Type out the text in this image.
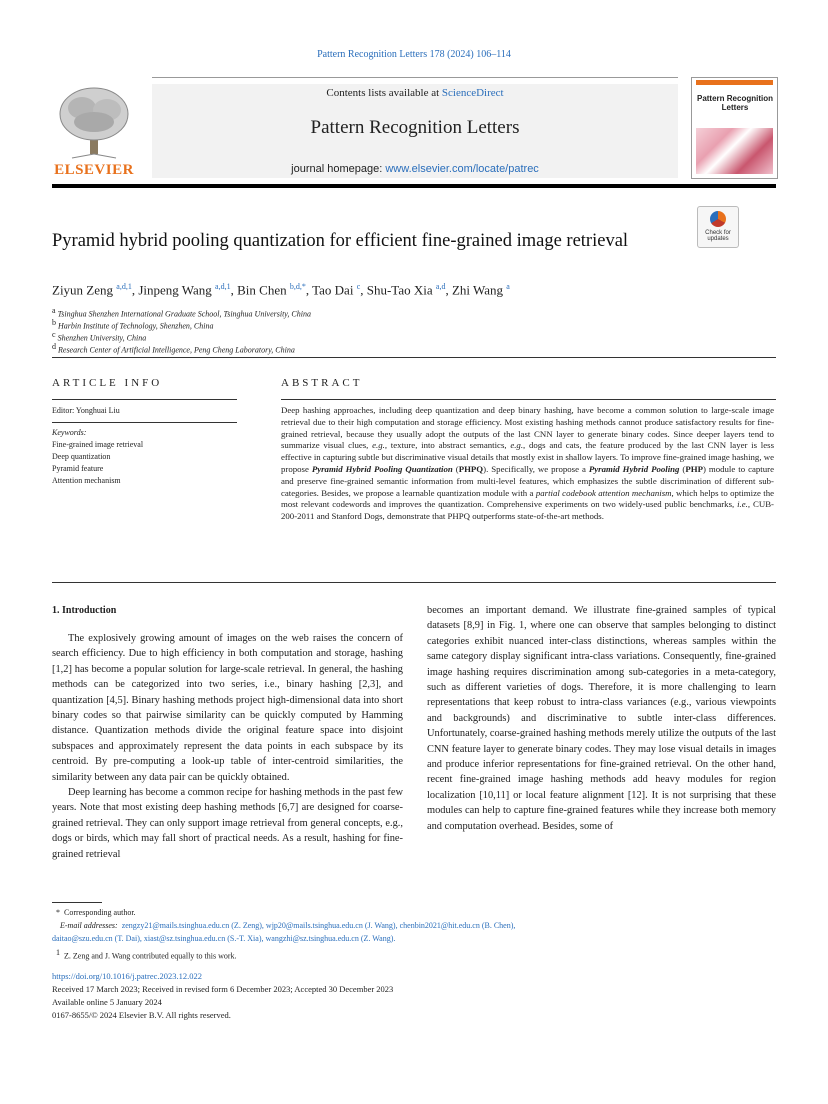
Pattern Recognition Letters 178 (2024) 106–114
ELSEVIER
Contents lists available at ScienceDirect
Pattern Recognition Letters
journal homepage: www.elsevier.com/locate/patrec
Pattern Recognition Letters
Check for updates
Pyramid hybrid pooling quantization for efficient fine-grained image retrieval
Ziyun Zeng $^{a,d,1}$, Jinpeng Wang $^{a,d,1}$, Bin Chen $^{b,d,*}$, Tao Dai $^c$, Shu-Tao Xia $^{a,d}$, Zhi Wang $^a$
$^a$ Tsinghua Shenzhen International Graduate School, Tsinghua University, China
$^b$ Harbin Institute of Technology, Shenzhen, China
$^c$ Shenzhen University, China
$^d$ Research Center of Artificial Intelligence, Peng Cheng Laboratory, China
ARTICLE INFO	ABSTRACT
Editor: Yonghuai Liu
Keywords:
Fine-grained image retrieval
Deep quantization
Pyramid feature
Attention mechanism
Deep hashing approaches, including deep quantization and deep binary hashing, have become a common solution to large-scale image retrieval due to their high computation and storage efficiency. Most existing hashing methods cannot produce satisfactory results for fine-grained retrieval, because they usually adopt the outputs of the last CNN layer to generate binary codes. Since deeper layers tend to summarize visual clues, e.g., texture, into abstract semantics, e.g., dogs and cats, the feature produced by the last CNN layer is less effective in capturing subtle but discriminative visual details that mostly exist in shallow layers. To improve fine-grained image hashing, we propose Pyramid Hybrid Pooling Quantization (PHPQ). Specifically, we propose a Pyramid Hybrid Pooling (PHP) module to capture and preserve fine-grained semantic information from multi-level features, which emphasizes the subtle discrimination of different sub-categories. Besides, we propose a learnable quantization module with a partial codebook attention mechanism, which helps to optimize the most relevant codewords and improves the quantization. Comprehensive experiments on two widely-used public benchmarks, i.e., CUB-200-2011 and Stanford Dogs, demonstrate that PHPQ outperforms state-of-the-art methods.
1. Introduction

The explosively growing amount of images on the web raises the concern of search efficiency. Due to high efficiency in both computation and storage, hashing [1,2] has become a popular solution for large-scale retrieval. In general, the hashing methods can be categorized into two series, i.e., binary hashing [2,3], and quantization [4,5]. Binary hashing methods project high-dimensional data into short binary codes so that pairwise similarity can be quickly computed by Hamming distance. Quantization methods divide the original feature space into disjoint subspaces and approximately represent the data points in each subspace by its centroid. By pre-computing a look-up table of inter-centroid similarities, the similarity between any data pair can be quickly obtained.

Deep learning has become a common recipe for hashing methods in the past few years. Note that most existing deep hashing methods [6,7] are designed for coarse-grained retrieval. They can only support image retrieval from general concepts, e.g., dogs or birds, which may fall short of practical needs. As a result, hashing for fine-grained retrieval

becomes an important demand. We illustrate fine-grained samples of typical datasets [8,9] in Fig. 1, where one can observe that samples belonging to distinct categories exhibit nuanced inter-class distinctions, whereas samples within the same category display significant intra-class variations. Consequently, fine-grained image hashing requires discrimination among sub-categories in a meta-category, such as different varieties of dogs. Therefore, it is more challenging to learn representations that keep robust to intra-class variances (e.g., various viewpoints and backgrounds) and discriminative to subtle inter-class differences. Unfortunately, coarse-grained hashing methods merely utilize the outputs of the last CNN feature layer to generate binary codes. They may lose visual details in images and produce inferior representations for fine-grained retrieval. On the other hand, recent fine-grained image hashing methods add heavy modules for region localization [10,11] or local feature alignment [12]. It is not surprising that these modules can help to capture fine-grained features while they increase both memory and computation overhead. Besides, some of

*  Corresponding author.
E-mail addresses: zengzy21@mails.tsinghua.edu.cn (Z. Zeng), wjp20@mails.tsinghua.edu.cn (J. Wang), chenbin2021@hit.edu.cn (B. Chen),
daitao@szu.edu.cn (T. Dai), xiast@sz.tsinghua.edu.cn (S.-T. Xia), wangzhi@sz.tsinghua.edu.cn (Z. Wang).
$^1$ Z. Zeng and J. Wang contributed equally to this work.
https://doi.org/10.1016/j.patrec.2023.12.022
Received 17 March 2023; Received in revised form 6 December 2023; Accepted 30 December 2023
Available online 5 January 2024
0167-8655/© 2024 Elsevier B.V. All rights reserved.
